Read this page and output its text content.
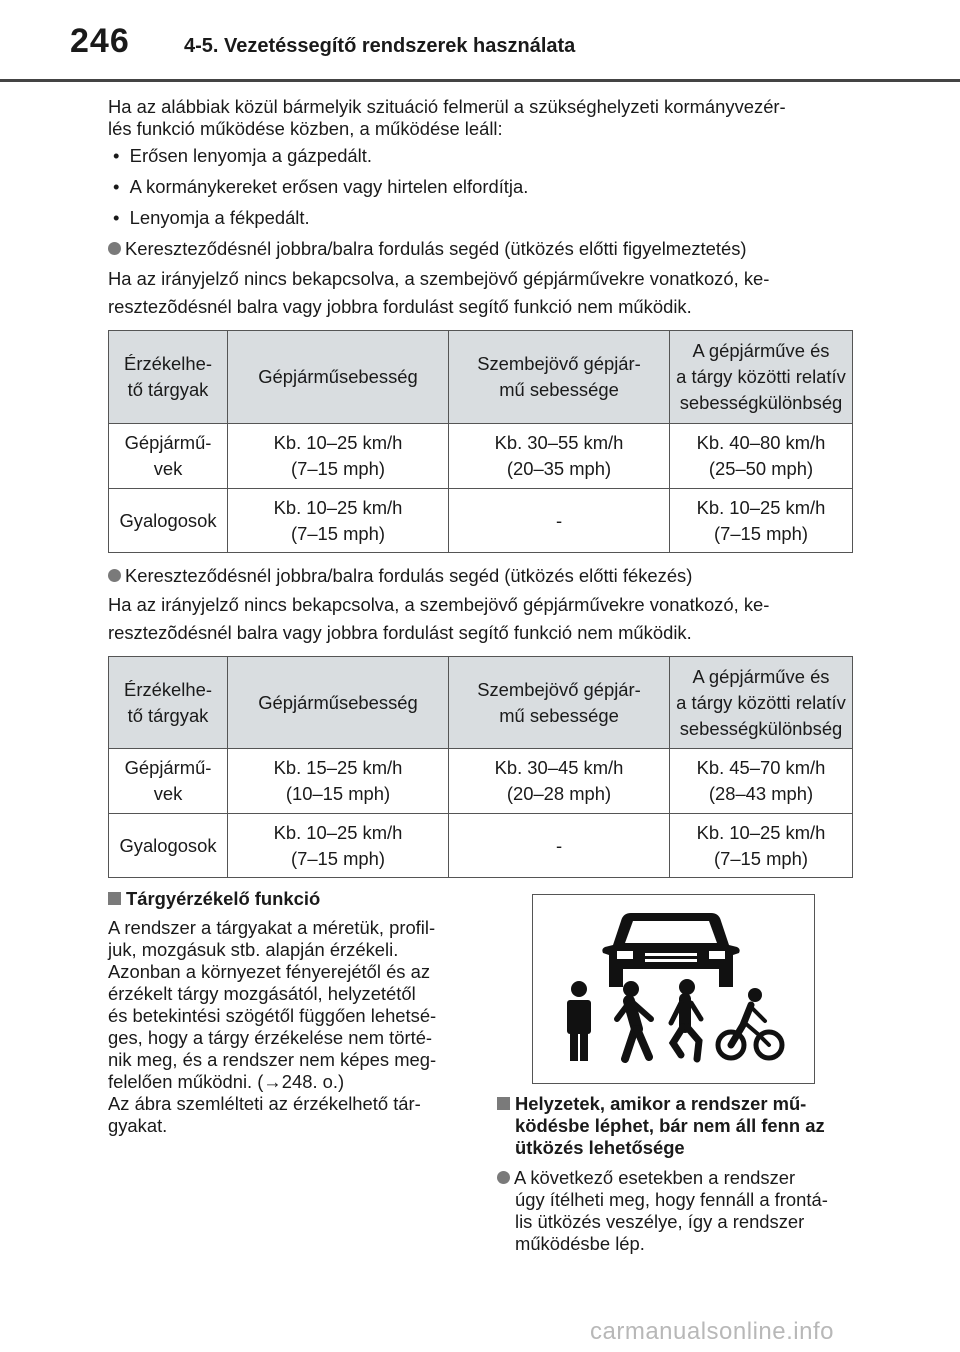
246	4-5. Vezetéssegítő rendszerek használata

Ha az alábbiak közül bármelyik szituáció felmerül a szükséghelyzeti kormányvezér-

lés funkció működése közben, a működése leáll:

•  Erősen lenyomja a gázpedált.
•  A kormánykereket erősen vagy hirtelen elfordítja.
•  Lenyomja a fékpedált.
Kereszteződésnél jobbra/balra fordulás segéd (ütközés előtti figyelmeztetés)

Ha az irányjelző nincs bekapcsolva, a szembejövő gépjárművekre vonatkozó, ke-

resztezõdésnél balra vagy jobbra fordulást segítő funkció nem működik.

Érzékelhe-
tő tárgyak	Gépjárműsebesség	Szembejövő gépjár-
mű sebessége	A gépjárműve és
a tárgy közötti relatív
sebességkülönbség
Gépjármű-
vek	Kb. 10–25 km/h
(7–15 mph)	Kb. 30–55 km/h
(20–35 mph)	Kb. 40–80 km/h
(25–50 mph)
Gyalogosok	Kb. 10–25 km/h
(7–15 mph)	-	Kb. 10–25 km/h
(7–15 mph)
Kereszteződésnél jobbra/balra fordulás segéd (ütközés előtti fékezés)

Ha az irányjelző nincs bekapcsolva, a szembejövő gépjárművekre vonatkozó, ke-

resztezõdésnél balra vagy jobbra fordulást segítő funkció nem működik.

Érzékelhe-
tő tárgyak	Gépjárműsebesség	Szembejövő gépjár-
mű sebessége	A gépjárműve és
a tárgy közötti relatív
sebességkülönbség
Gépjármű-
vek	Kb. 15–25 km/h
(10–15 mph)	Kb. 30–45 km/h
(20–28 mph)	Kb. 45–70 km/h
(28–43 mph)
Gyalogosok	Kb. 10–25 km/h
(7–15 mph)	-	Kb. 10–25 km/h
(7–15 mph)
Tárgyérzékelő funkció

A rendszer a tárgyakat a méretük, profil-

juk, mozgásuk stb. alapján érzékeli.

Azonban a környezet fényerejétől és az

érzékelt tárgy mozgásától, helyzetétől

és betekintési szögétől függően lehetsé-

ges, hogy a tárgy érzékelése nem törté-

nik meg, és a rendszer nem képes meg-

felelően működni. (→248. o.)

Az ábra szemlélteti az érzékelhető tár-

gyakat.

Helyzetek, amikor a rendszer mű-

ködésbe léphet, bár nem áll fenn az

ütközés lehetősége

A következő esetekben a rendszer

úgy ítélheti meg, hogy fennáll a frontá-

lis ütközés veszélye, így a rendszer

működésbe lép.

carmanualsonline.info
